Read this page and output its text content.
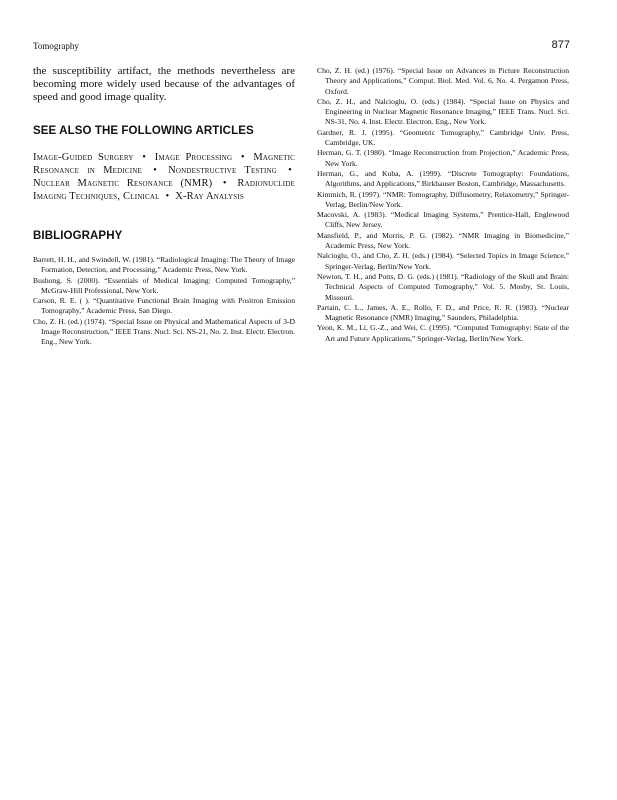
Tomography	877

the susceptibility artifact, the methods nevertheless are becoming more widely used because of the advantages of speed and good image quality.

SEE ALSO THE FOLLOWING ARTICLES

Image-Guided Surgery • Image Processing • Magnetic Resonance in Medicine • Nondestructive Testing • Nuclear Magnetic Resonance (NMR) • Radionuclide Imaging Techniques, Clinical • X-Ray Analysis

BIBLIOGRAPHY
Barrett, H. H., and Swindell, W. (1981). “Radiological Imaging: The Theory of Image Formation, Detection, and Processing,” Academic Press, New York.
Bushong, S. (2000). “Essentials of Medical Imaging: Computed Tomography,” McGraw-Hill Professional, New York.
Carson, R. E. ( ). “Quantitative Functional Brain Imaging with Positron Emission Tomography,” Academic Press, San Diego.
Cho, Z. H. (ed.) (1974). “Special Issue on Physical and Mathematical Aspects of 3-D Image Reconstruction,” IEEE Trans. Nucl. Sci. NS-21, No. 2. Inst. Electr. Electron. Eng., New York.
Cho, Z. H. (ed.) (1976). “Special Issue on Advances in Picture Reconstruction Theory and Applications,” Comput. Biol. Med. Vol. 6, No. 4. Pergamon Press, Oxford.
Cho, Z. H., and Nalcioglu, O. (eds.) (1984). “Special Issue on Physics and Engineering in Nuclear Magnetic Resonance Imaging,” IEEE Trans. Nucl. Sci. NS-31, No. 4. Inst. Electr. Electron. Eng., New York.
Gardner, R. J. (1995). “Geometric Tomography,” Cambridge Univ. Press, Cambridge, UK.
Herman, G. T. (1980). “Image Reconstruction from Projection,” Academic Press, New York.
Herman, G., and Kuba, A. (1999). “Discrete Tomography: Foundations, Algorithms, and Applications,” Birkhauser Boston, Cambridge, Massachusetts.
Kimmich, R. (1997). “NMR: Tomography, Diffusometry, Relaxometry,” Springer-Verlag, Berlin/New York.
Macovski, A. (1983). “Medical Imaging Systems,” Prentice-Hall, Englewood Cliffs, New Jersey.
Mansfield, P., and Morris, P. G. (1982). “NMR Imaging in Biomedicine,” Academic Press, New York.
Nalcioglu, O., and Cho, Z. H. (eds.) (1984). “Selected Topics in Image Science,” Springer-Verlag, Berlin/New York.
Newton, T. H., and Potts, D. G. (eds.) (1981). “Radiology of the Skull and Brain: Technical Aspects of Computed Tomography,” Vol. 5. Mosby, St. Louis, Missouri.
Partain, C. L., James, A. E., Rollo, F. D., and Price, R. R. (1983). “Nuclear Magnetic Resonance (NMR) Imaging,” Saunders, Philadelphia.
Yeon, K. M., Li, G.-Z., and Wei, C. (1995). “Computed Tomography: State of the Art and Future Applications,” Springer-Verlag, Berlin/New York.
